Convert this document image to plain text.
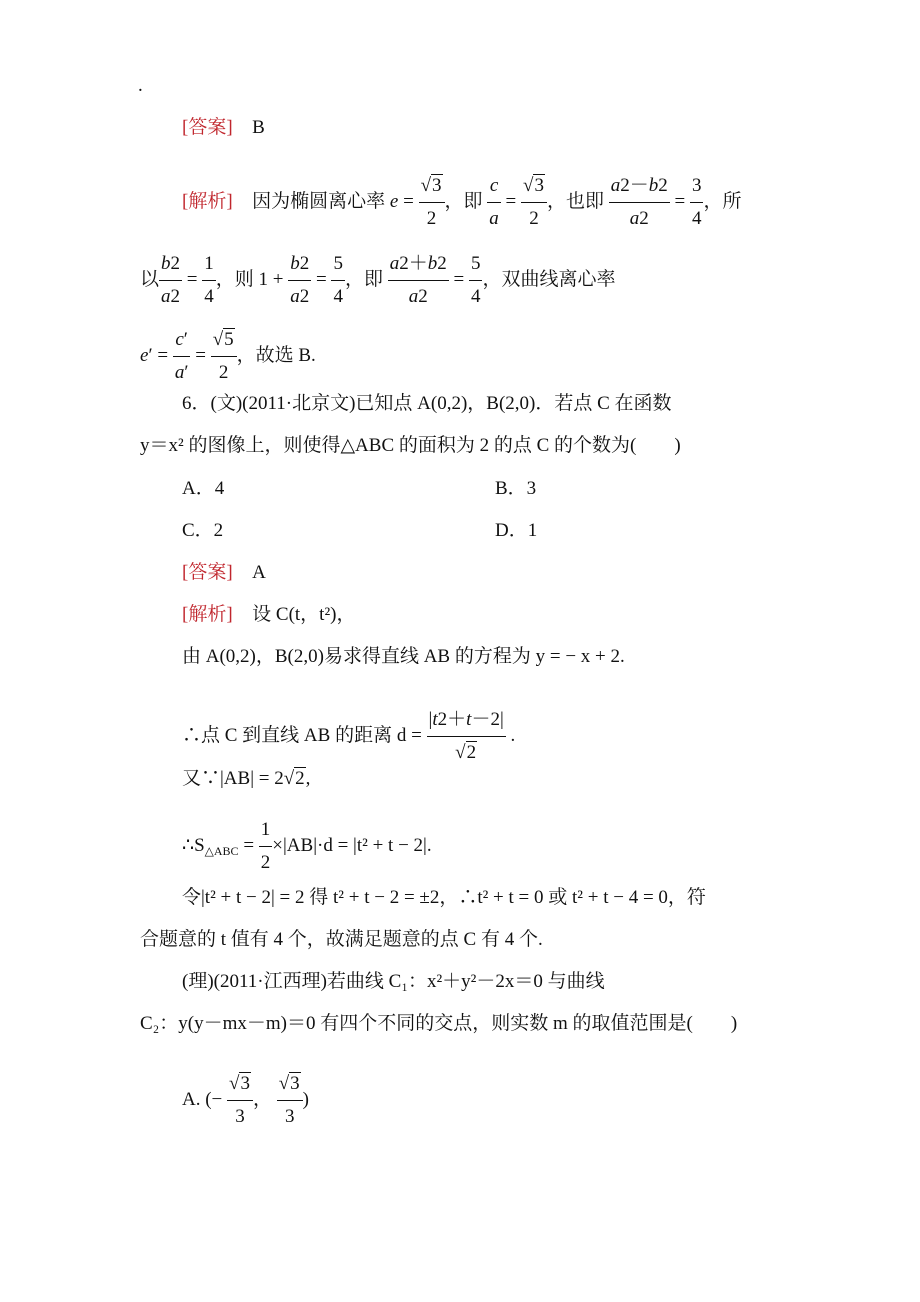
.
[答案] B
[解析] 因为椭圆离心率 $e = \frac{√3}{2}$ ，即 $\frac{c}{a} = \frac{√3}{2}$ ，也即 $\frac{a2-b2}{a2} = \frac{3}{4}$ ，所
以 $\frac{b2}{a2} = \frac{1}{4}$ ，则 $1 + \frac{b2}{a2} = \frac{5}{4}$ ，即 $\frac{a2+b2}{a2} = \frac{5}{4}$ ，双曲线离心率
$e' = \frac{c'}{a'} = \frac{√5}{2}$ ，故选 B.
6．(文)(2011·北京文)已知点 A(0,2)，B(2,0)．若点 C 在函数
y＝x² 的图像上，则使得△ABC 的面积为 2 的点 C 的个数为(　　)
A．4	B．3
C．2	D．1
[答案] A
[解析] 设 C(t，t²)，
由 A(0,2)，B(2,0)易求得直线 AB 的方程为 y = − x + 2.
∴点 C 到直线 AB 的距离 $d = \frac{|t2+t-2|}{√2}$ .
又∵|AB| = 2√2,
$\therefore S_{\triangle ABC} = \frac{1}{2} \times|AB|\cdot d = |t^2 + t - 2|$.
令|t² + t − 2| = 2 得 t² + t − 2 = ±2，∴t² + t = 0 或 t² + t − 4 = 0，符
合题意的 t 值有 4 个，故满足题意的点 C 有 4 个.
(理)(2011·江西理)若曲线 C₁：x²＋y²－2x＝0 与曲线
C₂：y(y－mx－m)＝0 有四个不同的交点，则实数 m 的取值范围是(　　)
A. (− $\frac{√3}{3}$ ， $\frac{√3}{3}$ )
